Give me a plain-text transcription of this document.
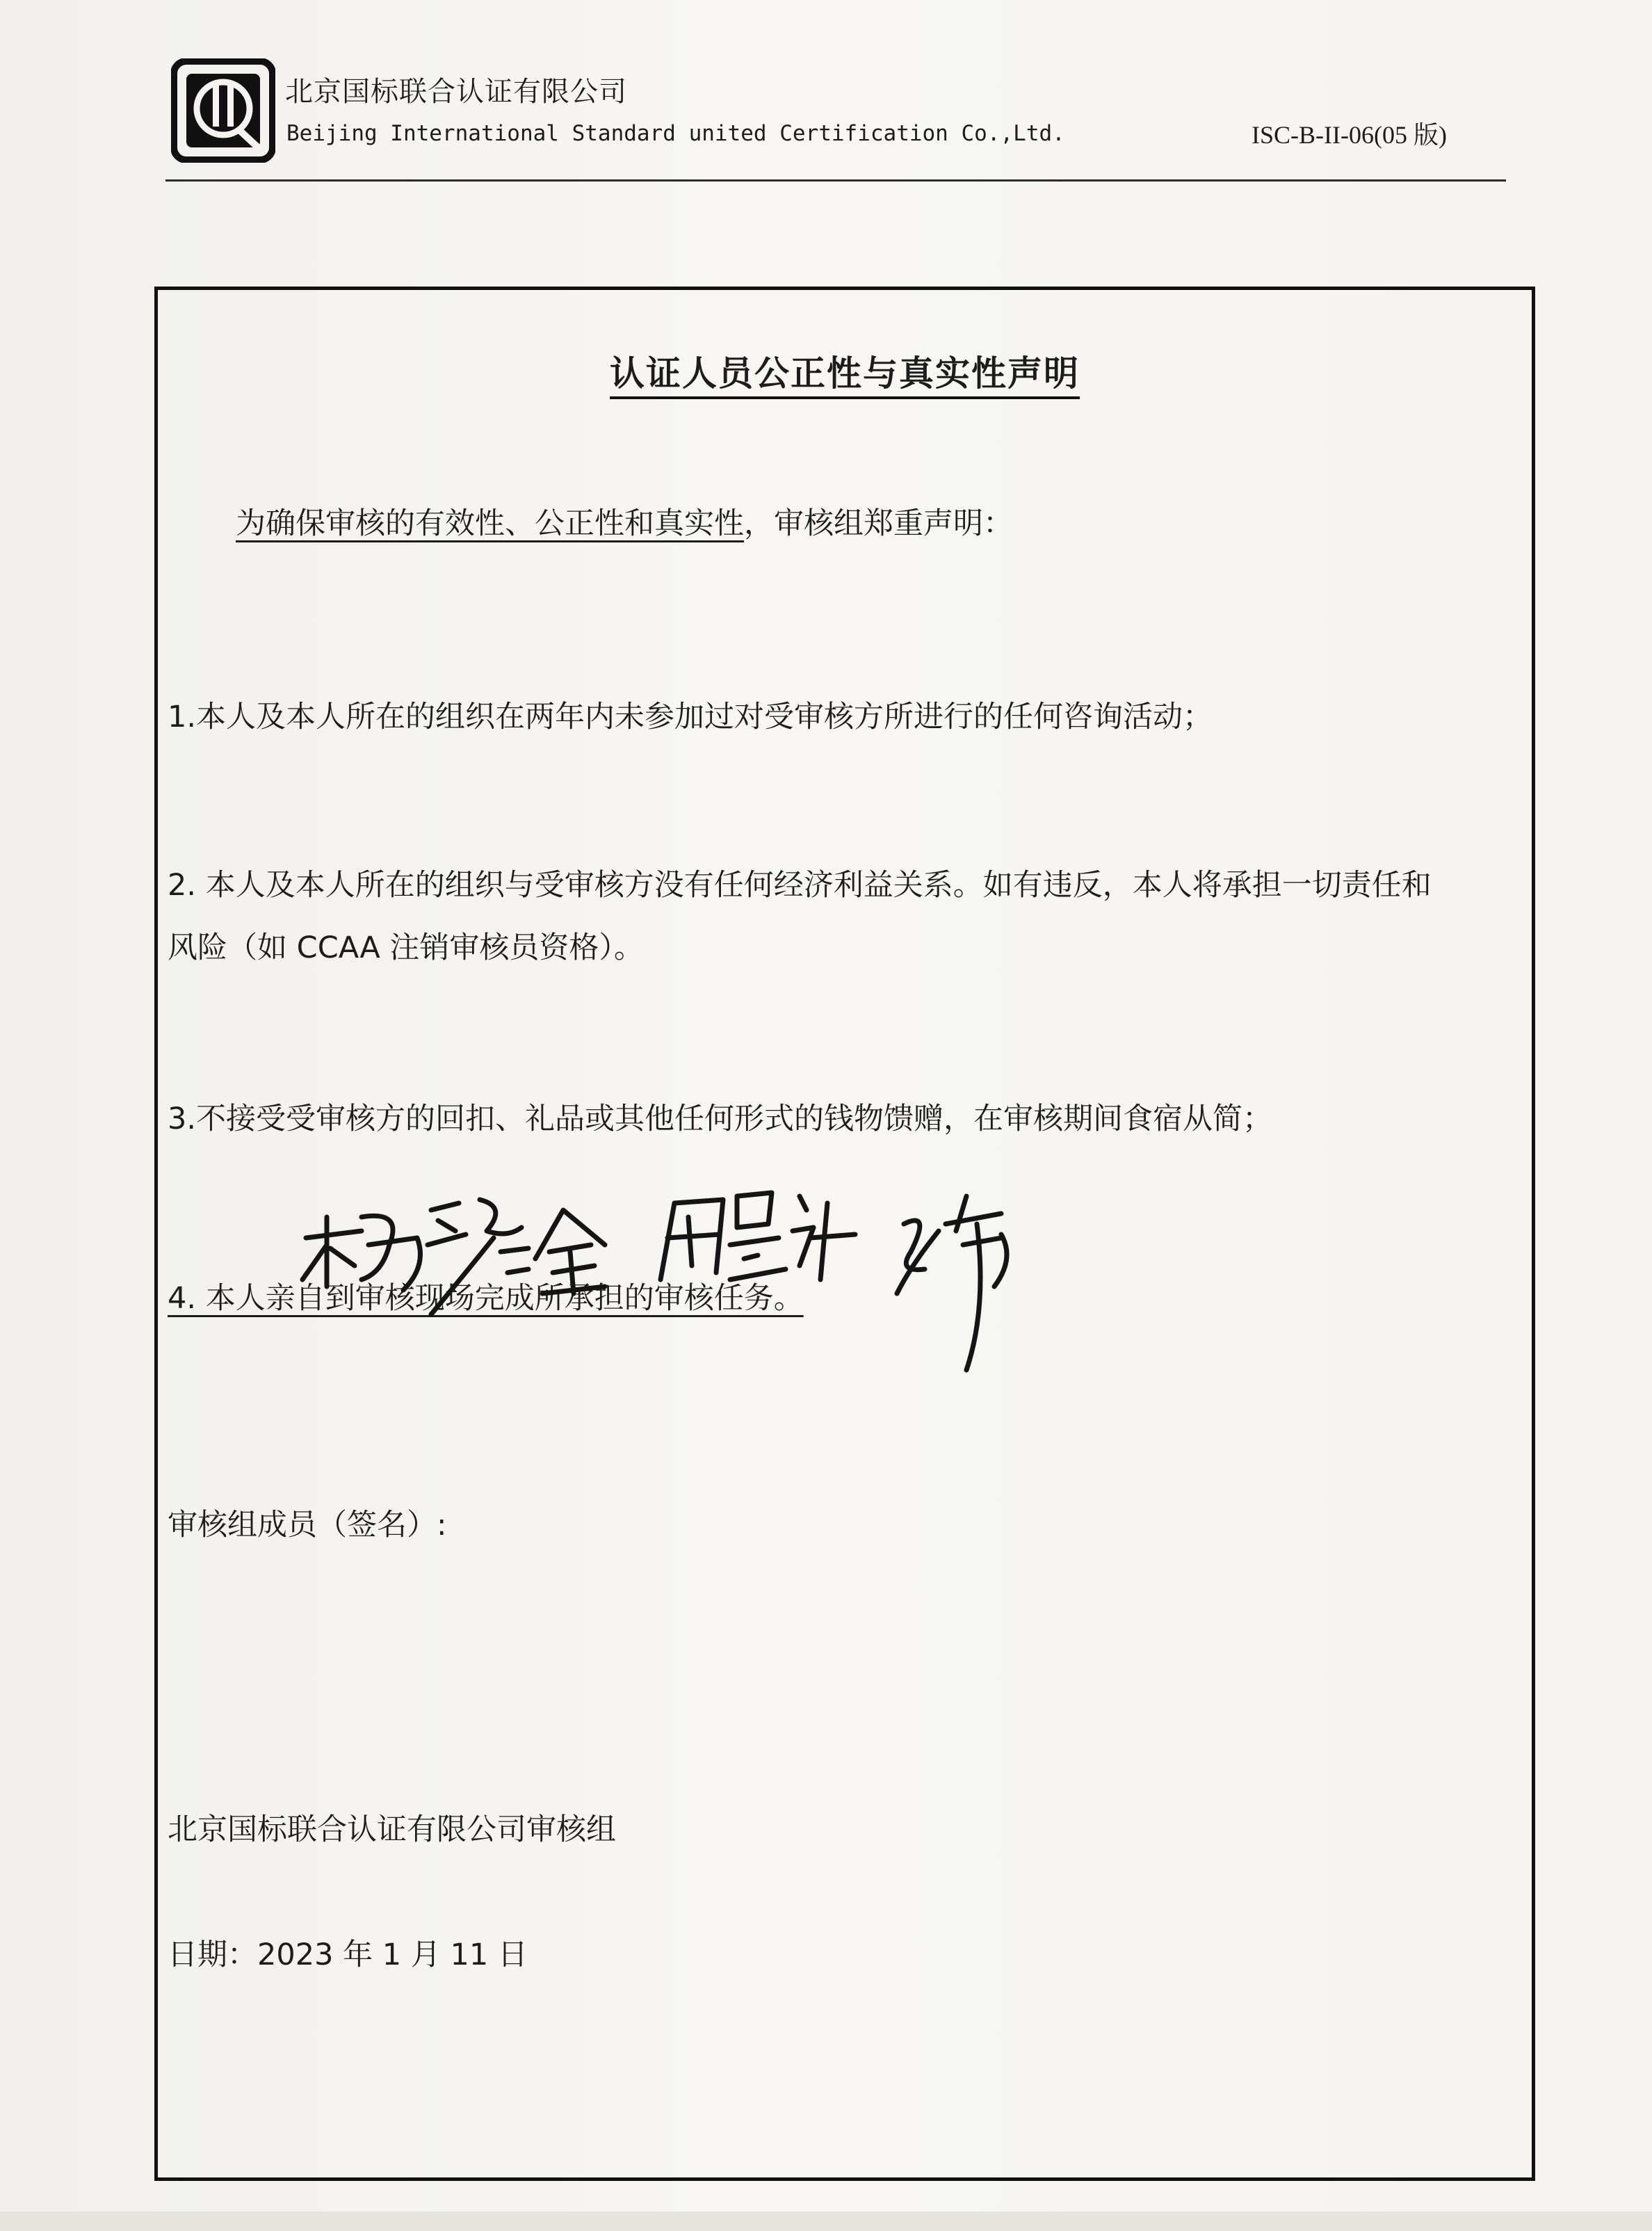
北京国标联合认证有限公司
Beijing International Standard united Certification Co.,Ltd.	ISC-B-II-06(05 版)
认证人员公正性与真实性声明
为确保审核的有效性、公正性和真实性，审核组郑重声明：
1.本人及本人所在的组织在两年内未参加过对受审核方所进行的任何咨询活动；
2. 本人及本人所在的组织与受审核方没有任何经济利益关系。如有违反，本人将承担一切责任和
风险（如 CCAA 注销审核员资格）。
3.不接受受审核方的回扣、礼品或其他任何形式的钱物馈赠，在审核期间食宿从简；
4. 本人亲自到审核现场完成所承担的审核任务。
审核组成员（签名）:
北京国标联合认证有限公司审核组
日期：2023 年 1 月 11 日
